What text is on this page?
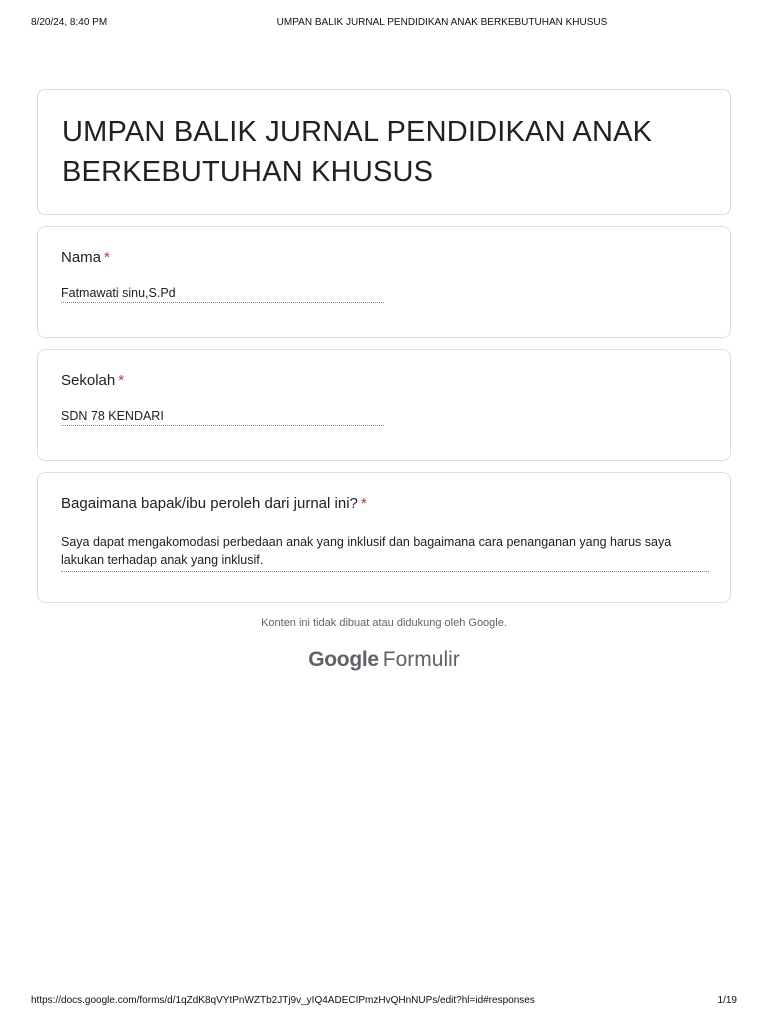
8/20/24, 8:40 PM	UMPAN BALIK JURNAL PENDIDIKAN ANAK BERKEBUTUHAN KHUSUS
UMPAN BALIK JURNAL PENDIDIKAN ANAK BERKEBUTUHAN KHUSUS
Nama *
Fatmawati sinu,S.Pd
Sekolah *
SDN 78 KENDARI
Bagaimana bapak/ibu peroleh dari jurnal ini? *
Saya dapat mengakomodasi perbedaan anak yang inklusif dan bagaimana cara penanganan yang harus saya lakukan terhadap anak yang inklusif.
Konten ini tidak dibuat atau didukung oleh Google.
Google Formulir
https://docs.google.com/forms/d/1qZdK8qVYtPnWZTb2JTj9v_yIQ4ADECIPmzHvQHnNUPs/edit?hl=id#responses	1/19
